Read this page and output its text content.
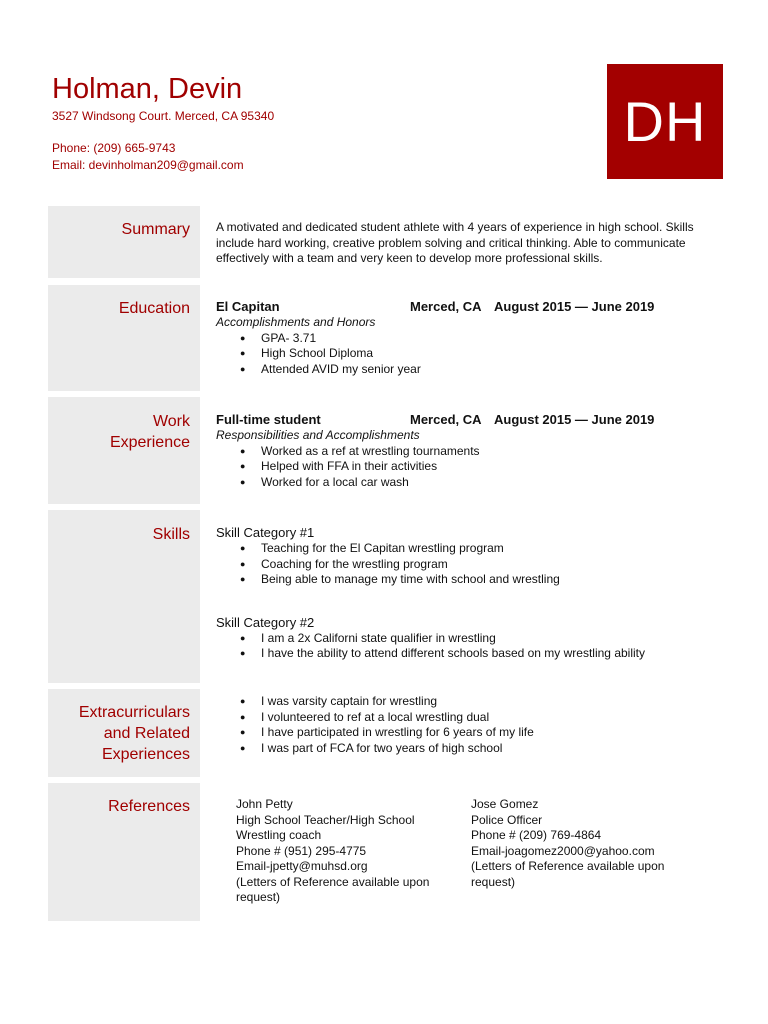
Holman, Devin
3527 Windsong Court. Merced, CA 95340
Phone: (209) 665-9743
Email: devinholman209@gmail.com
DH
Summary A motivated and dedicated student athlete with 4 years of experience in high school. Skills include hard working, creative problem solving and critical thinking. Able to communicate effectively with a team and very keen to develop more professional skills.
Education El Capitan	Merced, CA August 2015 — June 2019
Accomplishments and Honors
● GPA- 3.71
● High School Diploma
● Attended AVID my senior year
Work
Experience
Full-time student	Merced, CA August 2015 — June 2019
Responsibilities and Accomplishments
● Worked as a ref at wrestling tournaments
● Helped with FFA in their activities
● Worked for a local car wash
Skills Skill Category #1
● Teaching for the El Capitan wrestling program
● Coaching for the wrestling program
● Being able to manage my time with school and wrestling
Skill Category #2
● I am a 2x Californi state qualifier in wrestling
● I have the ability to attend different schools based on my wrestling ability
Extracurriculars
and Related
Experiences
● I was varsity captain for wrestling
● I volunteered to ref at a local wrestling dual
● I have participated in wrestling for 6 years of my life
● I was part of FCA for two years of high school
References	John Petty
High School Teacher/High School
Wrestling coach
Phone # (951) 295-4775
Email-jpetty@muhsd.org
(Letters of Reference available upon
request)
Jose Gomez
Police Officer
Phone # (209) 769-4864
Email-joagomez2000@yahoo.com
(Letters of Reference available upon
request)
